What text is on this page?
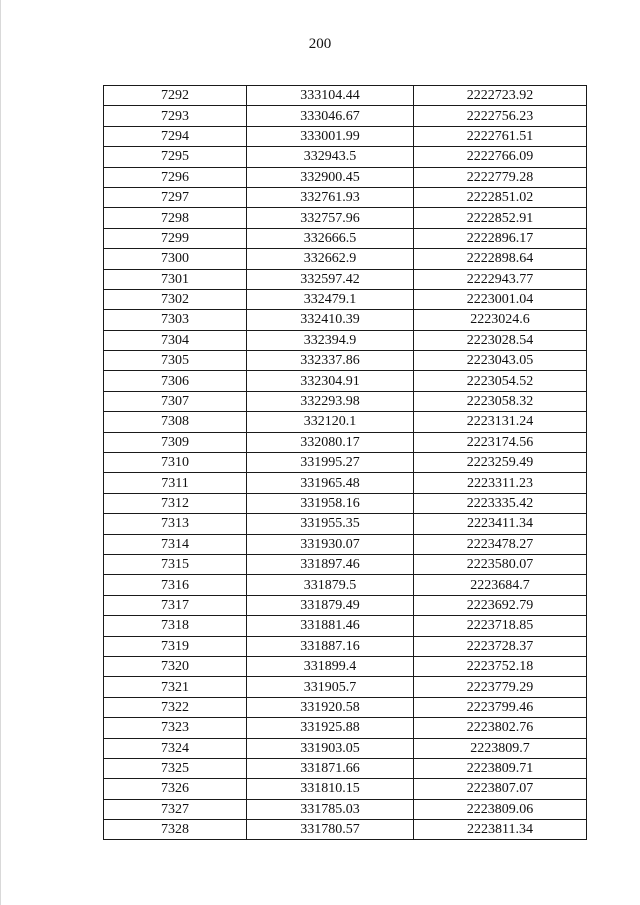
200
7292	333104.44	2222723.92
7293	333046.67	2222756.23
7294	333001.99	2222761.51
7295	332943.5	2222766.09
7296	332900.45	2222779.28
7297	332761.93	2222851.02
7298	332757.96	2222852.91
7299	332666.5	2222896.17
7300	332662.9	2222898.64
7301	332597.42	2222943.77
7302	332479.1	2223001.04
7303	332410.39	2223024.6
7304	332394.9	2223028.54
7305	332337.86	2223043.05
7306	332304.91	2223054.52
7307	332293.98	2223058.32
7308	332120.1	2223131.24
7309	332080.17	2223174.56
7310	331995.27	2223259.49
7311	331965.48	2223311.23
7312	331958.16	2223335.42
7313	331955.35	2223411.34
7314	331930.07	2223478.27
7315	331897.46	2223580.07
7316	331879.5	2223684.7
7317	331879.49	2223692.79
7318	331881.46	2223718.85
7319	331887.16	2223728.37
7320	331899.4	2223752.18
7321	331905.7	2223779.29
7322	331920.58	2223799.46
7323	331925.88	2223802.76
7324	331903.05	2223809.7
7325	331871.66	2223809.71
7326	331810.15	2223807.07
7327	331785.03	2223809.06
7328	331780.57	2223811.34
